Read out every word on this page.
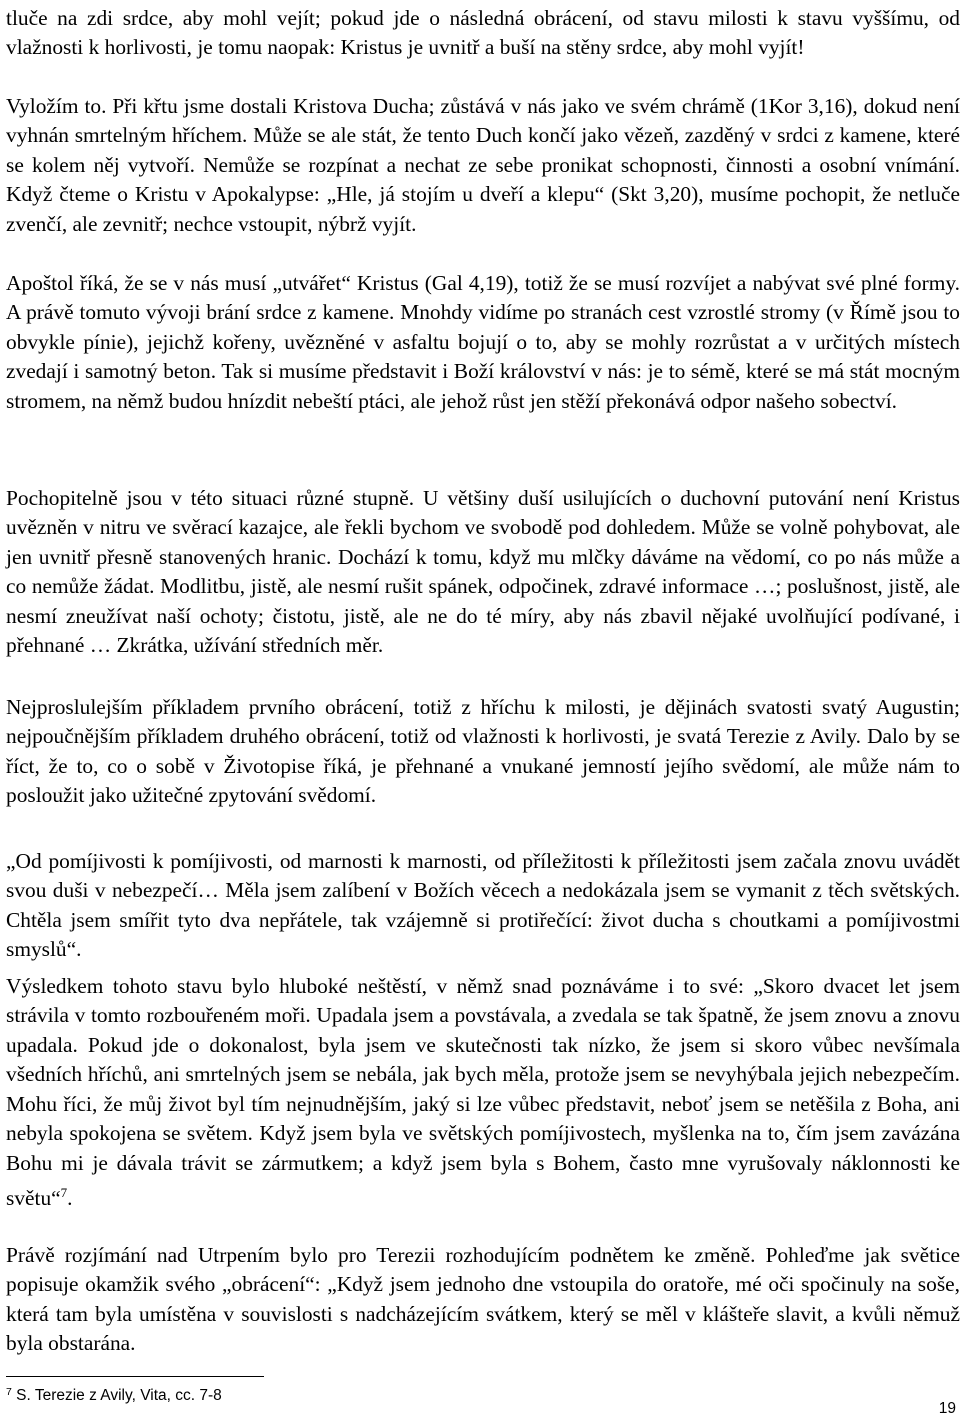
tluče na zdi srdce, aby mohl vejít; pokud jde o následná obrácení, od stavu milosti k stavu vyššímu, od vlažnosti k horlivosti, je tomu naopak: Kristus je uvnitř a buší na stěny srdce, aby mohl vyjít!

Vyložím to. Při křtu jsme dostali Kristova Ducha; zůstává v nás jako ve svém chrámě (1Kor 3,16), dokud není vyhnán smrtelným hříchem. Může se ale stát, že tento Duch končí jako vězeň, zazděný v srdci z kamene, které se kolem něj vytvoří. Nemůže se rozpínat a nechat ze sebe pronikat schopnosti, činnosti a osobní vnímání. Když čteme o Kristu v Apokalypse: „Hle, já stojím u dveří a klepu“ (Skt 3,20), musíme pochopit, že netluče zvenčí, ale zevnitř; nechce vstoupit, nýbrž vyjít.

Apoštol říká, že se v nás musí „utvářet“ Kristus (Gal 4,19), totiž že se musí rozvíjet a nabývat své plné formy. A právě tomuto vývoji brání srdce z kamene. Mnohdy vidíme po stranách cest vzrostlé stromy (v Římě jsou to obvykle pínie), jejichž kořeny, uvězněné v asfaltu bojují o to, aby se mohly rozrůstat a v určitých místech zvedají i samotný beton. Tak si musíme představit i Boží království v nás: je to sémě, které se má stát mocným stromem, na němž budou hnízdit nebeští ptáci, ale jehož růst jen stěží překonává odpor našeho sobectví.

Pochopitelně jsou v této situaci různé stupně. U většiny duší usilujících o duchovní putování není Kristus uvězněn v nitru ve svěrací kazajce, ale řekli bychom ve svobodě pod dohledem. Může se volně pohybovat, ale jen uvnitř přesně stanovených hranic. Dochází k tomu, když mu mlčky dáváme na vědomí, co po nás může a co nemůže žádat. Modlitbu, jistě, ale nesmí rušit spánek, odpočinek, zdravé informace …; poslušnost, jistě, ale nesmí zneužívat naší ochoty; čistotu, jistě, ale ne do té míry, aby nás zbavil nějaké uvolňující podívané, i přehnané … Zkrátka, užívání středních měr.

Nejproslulejším příkladem prvního obrácení, totiž z hříchu k milosti, je dějinách svatosti svatý Augustin; nejpoučnějším příkladem druhého obrácení, totiž od vlažnosti k horlivosti, je svatá Terezie z Avily. Dalo by se říct, že to, co o sobě v Životopise říká, je přehnané a vnukané jemností jejího svědomí, ale může nám to posloužit jako užitečné zpytování svědomí.

„Od pomíjivosti k pomíjivosti, od marnosti k marnosti, od příležitosti k příležitosti jsem začala znovu uvádět svou duši v nebezpečí… Měla jsem zalíbení v Božích věcech a nedokázala jsem se vymanit z těch světských. Chtěla jsem smířit tyto dva nepřátele, tak vzájemně si protiřečící: život ducha s choutkami a pomíjivostmi smyslů“.

Výsledkem tohoto stavu bylo hluboké neštěstí, v němž snad poznáváme i to své: „Skoro dvacet let jsem strávila v tomto rozbouřeném moři. Upadala jsem a povstávala, a zvedala se tak špatně, že jsem znovu a znovu upadala. Pokud jde o dokonalost, byla jsem ve skutečnosti tak nízko, že jsem si skoro vůbec nevšímala všedních hříchů, ani smrtelných jsem se nebála, jak bych měla, protože jsem se nevyhýbala jejich nebezpečím. Mohu říci, že můj život byl tím nejnudnějším, jaký si lze vůbec představit, neboť jsem se netěšila z Boha, ani nebyla spokojena se světem. Když jsem byla ve světských pomíjivostech, myšlenka na to, čím jsem zavázána Bohu mi je dávala trávit se zármutkem; a když jsem byla s Bohem, často mne vyrušovaly náklonnosti ke světu“$^7$.

Právě rozjímání nad Utrpením bylo pro Terezii rozhodujícím podnětem ke změně. Pohleďme jak světice popisuje okamžik svého „obrácení“: „Když jsem jednoho dne vstoupila do oratoře, mé oči spočinuly na soše, která tam byla umístěna v souvislosti s nadcházejícím svátkem, který se měl v klášteře slavit, a kvůli němuž byla obstarána.

$^7$ S. Terezie z Avily, Vita, cc. 7-8
19
